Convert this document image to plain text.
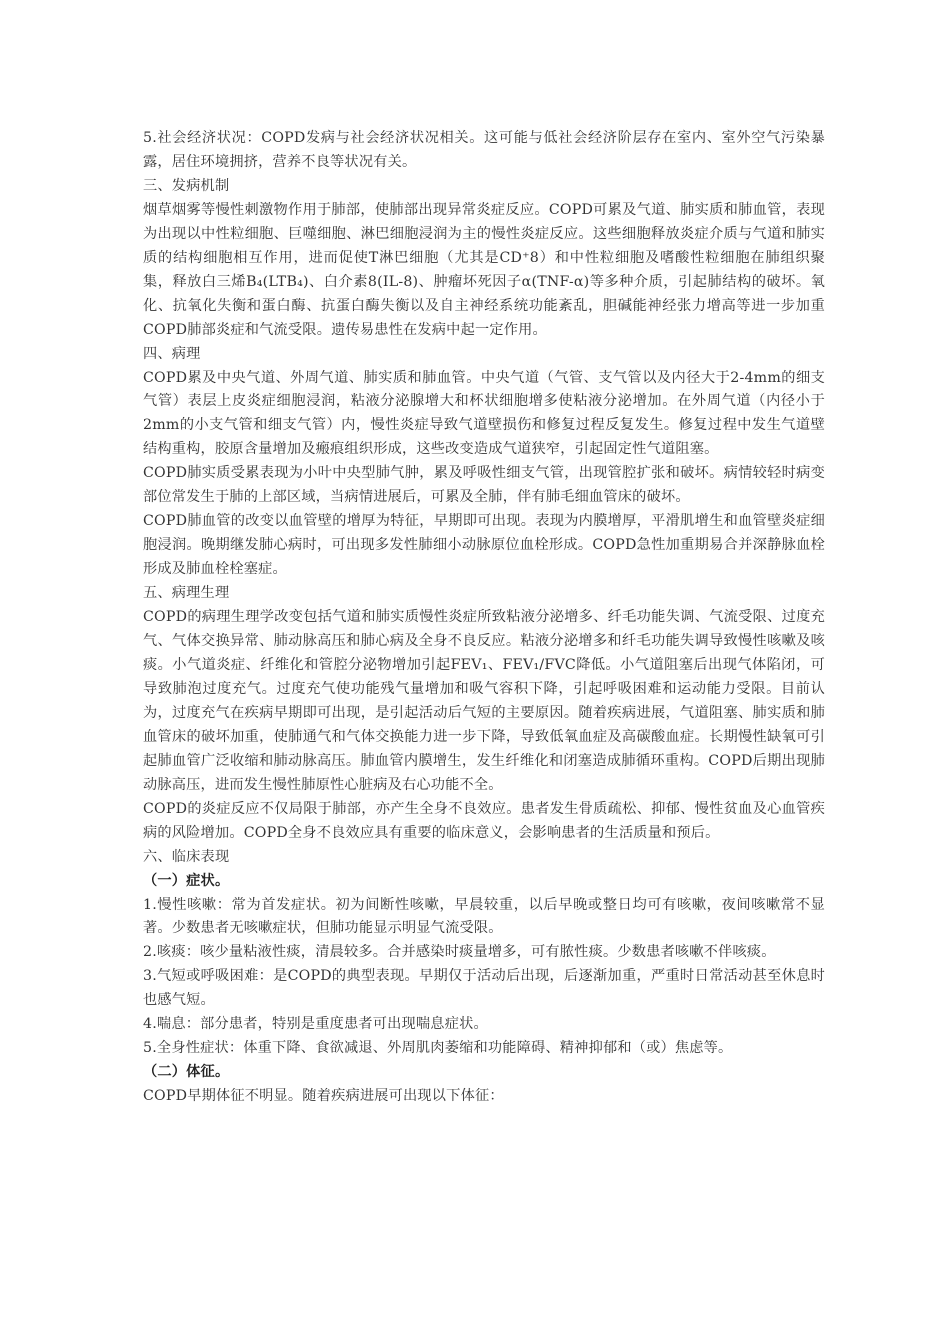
5.社会经济状况：COPD发病与社会经济状况相关。这可能与低社会经济阶层存在室内、室外空气污染暴露，居住环境拥挤，营养不良等状况有关。

三、发病机制

烟草烟雾等慢性刺激物作用于肺部，使肺部出现异常炎症反应。COPD可累及气道、肺实质和肺血管，表现为出现以中性粒细胞、巨噬细胞、淋巴细胞浸润为主的慢性炎症反应。这些细胞释放炎症介质与气道和肺实质的结构细胞相互作用，进而促使T淋巴细胞（尤其是CD⁺8）和中性粒细胞及嗜酸性粒细胞在肺组织聚集，释放白三烯B₄(LTB₄)、白介素8(IL-8)、肿瘤坏死因子α(TNF-α)等多种介质，引起肺结构的破坏。氧化、抗氧化失衡和蛋白酶、抗蛋白酶失衡以及自主神经系统功能紊乱，胆碱能神经张力增高等进一步加重COPD肺部炎症和气流受限。遗传易患性在发病中起一定作用。

四、病理

COPD累及中央气道、外周气道、肺实质和肺血管。中央气道（气管、支气管以及内径大于2-4mm的细支气管）表层上皮炎症细胞浸润，粘液分泌腺增大和杯状细胞增多使粘液分泌增加。在外周气道（内径小于2mm的小支气管和细支气管）内，慢性炎症导致气道壁损伤和修复过程反复发生。修复过程中发生气道壁结构重构，胶原含量增加及瘢痕组织形成，这些改变造成气道狭窄，引起固定性气道阻塞。

COPD肺实质受累表现为小叶中央型肺气肿，累及呼吸性细支气管，出现管腔扩张和破坏。病情较轻时病变部位常发生于肺的上部区域，当病情进展后，可累及全肺，伴有肺毛细血管床的破坏。

COPD肺血管的改变以血管壁的增厚为特征，早期即可出现。表现为内膜增厚，平滑肌增生和血管壁炎症细胞浸润。晚期继发肺心病时，可出现多发性肺细小动脉原位血栓形成。COPD急性加重期易合并深静脉血栓形成及肺血栓栓塞症。

五、病理生理

COPD的病理生理学改变包括气道和肺实质慢性炎症所致粘液分泌增多、纤毛功能失调、气流受限、过度充气、气体交换异常、肺动脉高压和肺心病及全身不良反应。粘液分泌增多和纤毛功能失调导致慢性咳嗽及咳痰。小气道炎症、纤维化和管腔分泌物增加引起FEV₁、FEV₁/FVC降低。小气道阻塞后出现气体陷闭，可导致肺泡过度充气。过度充气使功能残气量增加和吸气容积下降，引起呼吸困难和运动能力受限。目前认为，过度充气在疾病早期即可出现，是引起活动后气短的主要原因。随着疾病进展，气道阻塞、肺实质和肺血管床的破坏加重，使肺通气和气体交换能力进一步下降，导致低氧血症及高碳酸血症。长期慢性缺氧可引起肺血管广泛收缩和肺动脉高压。肺血管内膜增生，发生纤维化和闭塞造成肺循环重构。COPD后期出现肺动脉高压，进而发生慢性肺原性心脏病及右心功能不全。

COPD的炎症反应不仅局限于肺部，亦产生全身不良效应。患者发生骨质疏松、抑郁、慢性贫血及心血管疾病的风险增加。COPD全身不良效应具有重要的临床意义，会影响患者的生活质量和预后。

六、临床表现

（一）症状。

1.慢性咳嗽：常为首发症状。初为间断性咳嗽，早晨较重，以后早晚或整日均可有咳嗽，夜间咳嗽常不显著。少数患者无咳嗽症状，但肺功能显示明显气流受限。

2.咳痰：咳少量粘液性痰，清晨较多。合并感染时痰量增多，可有脓性痰。少数患者咳嗽不伴咳痰。

3.气短或呼吸困难：是COPD的典型表现。早期仅于活动后出现，后逐渐加重，严重时日常活动甚至休息时也感气短。

4.喘息：部分患者，特别是重度患者可出现喘息症状。

5.全身性症状：体重下降、食欲减退、外周肌肉萎缩和功能障碍、精神抑郁和（或）焦虑等。

（二）体征。

COPD早期体征不明显。随着疾病进展可出现以下体征：
